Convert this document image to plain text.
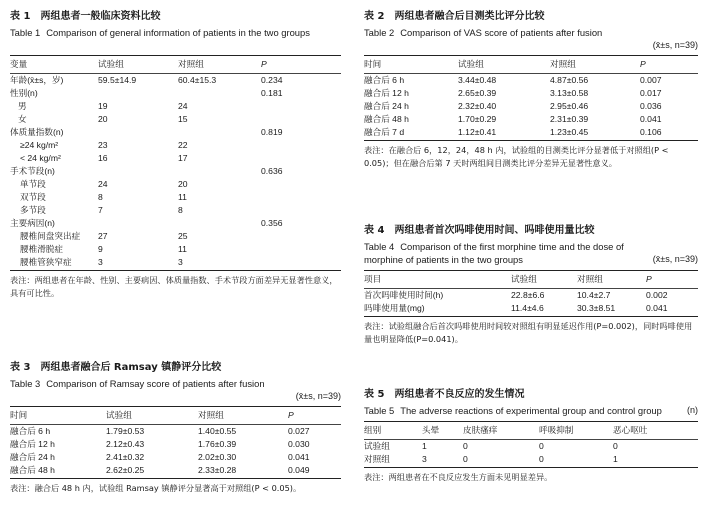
表 1 两组患者一般临床资料比较
Table 1 Comparison of general information of patients in the two groups
变量	试验组	对照组	P
年龄(x̄±s，岁)	59.5±14.9	60.4±15.3	0.234
性别(n)			0.181
男	19	24	
女	20	15	
体质量指数(n)			0.819
≥24 kg/m²	23	22	
< 24 kg/m²	16	17	
手术节段(n)			0.636
单节段	24	20	
双节段	8	11	
多节段	7	8	
主要病因(n)			0.356
腰椎间盘突出症	27	25	
腰椎滑脱症	9	11	
腰椎管狭窄症	3	3	
表注：两组患者在年龄、性别、主要病因、体质量指数、手术节段方面差异无显著性意义，具有可比性。
表 3 两组患者融合后 Ramsay 镇静评分比较
Table 3 Comparison of Ramsay score of patients after fusion
(x̄±s, n=39)
时间	试验组	对照组	P
融合后 6 h	1.79±0.53	1.40±0.55	0.027
融合后 12 h	2.12±0.43	1.76±0.39	0.030
融合后 24 h	2.41±0.32	2.02±0.30	0.041
融合后 48 h	2.62±0.25	2.33±0.28	0.049
表注：融合后 48 h 内，试验组 Ramsay 镇静评分显著高于对照组(P < 0.05)。
表 2 两组患者融合后目测类比评分比较
Table 2 Comparison of VAS score of patients after fusion
(x̄±s, n=39)
时间	试验组	对照组	P
融合后 6 h	3.44±0.48	4.87±0.56	0.007
融合后 12 h	2.65±0.39	3.13±0.58	0.017
融合后 24 h	2.32±0.40	2.95±0.46	0.036
融合后 48 h	1.70±0.29	2.31±0.39	0.041
融合后 7 d	1.12±0.41	1.23±0.45	0.106
表注：在融合后 6，12，24，48 h 内，试验组的目测类比评分显著低于对照组(P < 0.05)；但在融合后第 7 天时两组间目测类比评分差异无显著性意义。
表 4 两组患者首次吗啡使用时间、吗啡使用量比较
Table 4 Comparison of the first morphine time and the dose of morphine of patients in the two groups	(x̄±s, n=39)
项目	试验组	对照组	P
首次吗啡使用时间(h)	22.8±6.6	10.4±2.7	0.002
吗啡使用量(mg)	11.4±4.6	30.3±8.51	0.041
表注：试验组融合后首次吗啡使用时间较对照组有明显延迟作用(P=0.002)，同时吗啡使用量也明显降低(P=0.041)。
表 5 两组患者不良反应的发生情况
Table 5 The adverse reactions of experimental group and control group	(n)
组别	头晕	皮肤瘙痒	呼吸抑制	恶心呕吐
试验组	1	0	0	0
对照组	3	0	0	1
表注：两组患者在不良反应发生方面未见明显差异。
